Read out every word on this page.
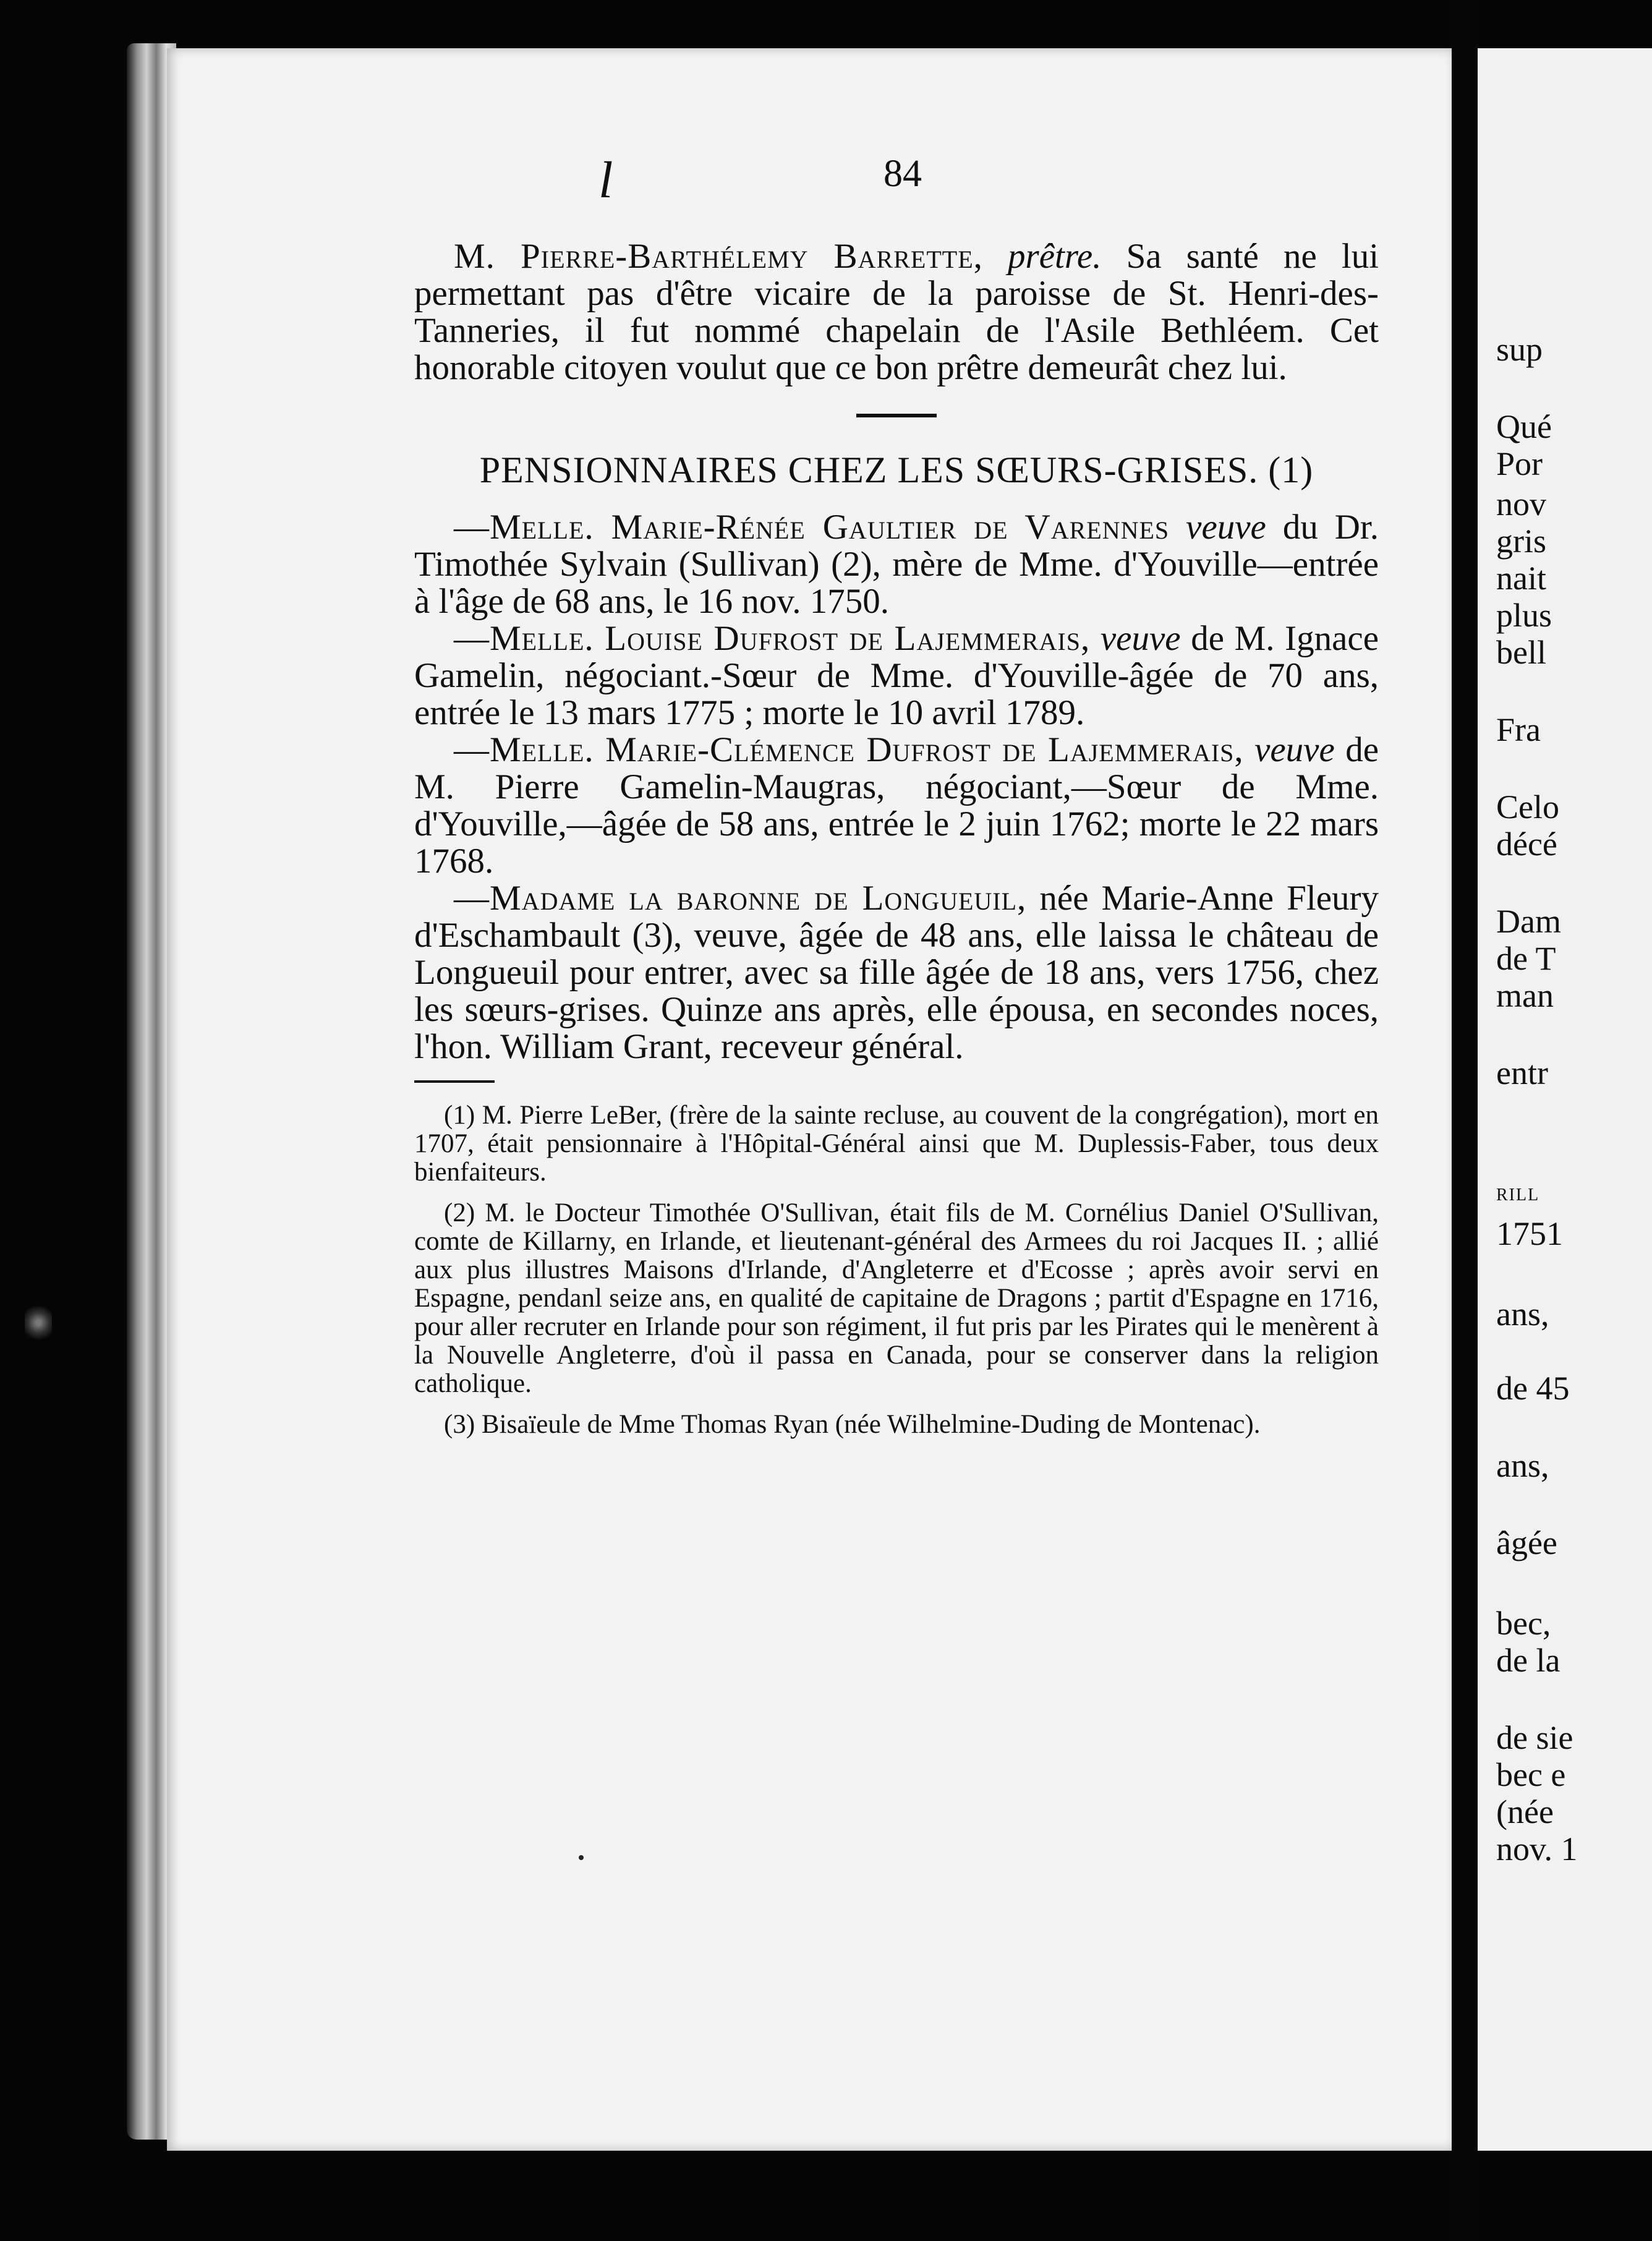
l	84

M. Pierre-Barthélemy Barrette, prêtre. Sa santé ne lui permettant pas d'être vicaire de la paroisse de St. Henri-des-Tanneries, il fut nommé chapelain de l'Asile Bethléem. Cet honorable citoyen voulut que ce bon prêtre demeurât chez lui.

PENSIONNAIRES CHEZ LES SŒURS-GRISES. (1)

—Melle. Marie-Rénée Gaultier de Varennes veuve du Dr. Timothée Sylvain (Sullivan) (2), mère de Mme. d'Youville—entrée à l'âge de 68 ans, le 16 nov. 1750.

—Melle. Louise Dufrost de Lajemmerais, veuve de M. Ignace Gamelin, négociant.-Sœur de Mme. d'Youville-âgée de 70 ans, entrée le 13 mars 1775 ; morte le 10 avril 1789.

—Melle. Marie-Clémence Dufrost de Lajemmerais, veuve de M. Pierre Gamelin-Maugras, négociant,—Sœur de Mme. d'Youville,—âgée de 58 ans, entrée le 2 juin 1762; morte le 22 mars 1768.

—Madame la baronne de Longueuil, née Marie-Anne Fleury d'Eschambault (3), veuve, âgée de 48 ans, elle laissa le château de Longueuil pour entrer, avec sa fille âgée de 18 ans, vers 1756, chez les sœurs-grises. Quinze ans après, elle épousa, en secondes noces, l'hon. William Grant, receveur général.

(1) M. Pierre LeBer, (frère de la sainte recluse, au couvent de la congrégation), mort en 1707, était pensionnaire à l'Hôpital-Général ainsi que M. Duplessis-Faber, tous deux bienfaiteurs.

(2) M. le Docteur Timothée O'Sullivan, était fils de M. Cornélius Daniel O'Sullivan, comte de Killarny, en Irlande, et lieutenant-général des Armees du roi Jacques II. ; allié aux plus illustres Maisons d'Irlande, d'Angleterre et d'Ecosse ; après avoir servi en Espagne, pendanl seize ans, en qualité de capitaine de Dragons ; partit d'Espagne en 1716, pour aller recruter en Irlande pour son régiment, il fut pris par les Pirates qui le menèrent à la Nouvelle Angleterre, d'où il passa en Canada, pour se conserver dans la religion catholique.

(3) Bisaïeule de Mme Thomas Ryan (née Wilhelmine-Duding de Montenac).

sup
Qué
Por
nov
gris
nait
plus
bell
Fra
Celo
décé
Dam
de T
man
entr
rill
1751
ans,
de 45
ans,
âgée
bec,
de la
de sie
bec e
(née
nov. 1
